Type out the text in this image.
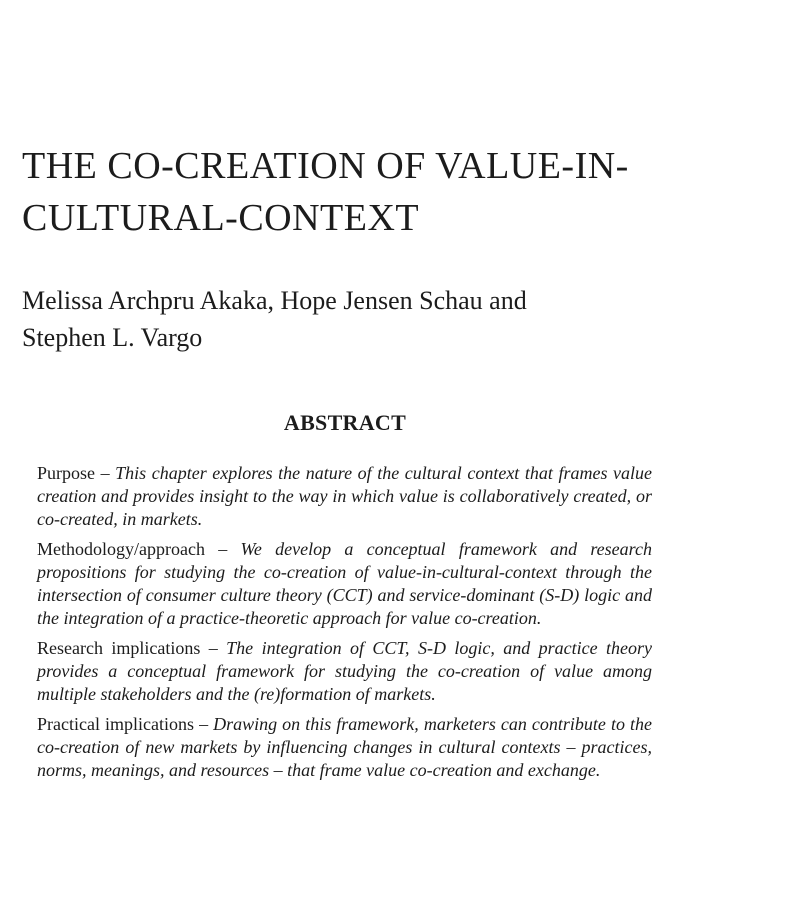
THE CO-CREATION OF VALUE-IN-
CULTURAL-CONTEXT

Melissa Archpru Akaka, Hope Jensen Schau and
Stephen L. Vargo

ABSTRACT

Purpose – This chapter explores the nature of the cultural context that frames value creation and provides insight to the way in which value is collaboratively created, or co-created, in markets.

Methodology/approach – We develop a conceptual framework and research propositions for studying the co-creation of value-in-cultural-context through the intersection of consumer culture theory (CCT) and service-dominant (S-D) logic and the integration of a practice-theoretic approach for value co-creation.

Research implications – The integration of CCT, S-D logic, and practice theory provides a conceptual framework for studying the co-creation of value among multiple stakeholders and the (re)formation of markets.

Practical implications – Drawing on this framework, marketers can contribute to the co-creation of new markets by influencing changes in cultural contexts – practices, norms, meanings, and resources – that frame value co-creation and exchange.
